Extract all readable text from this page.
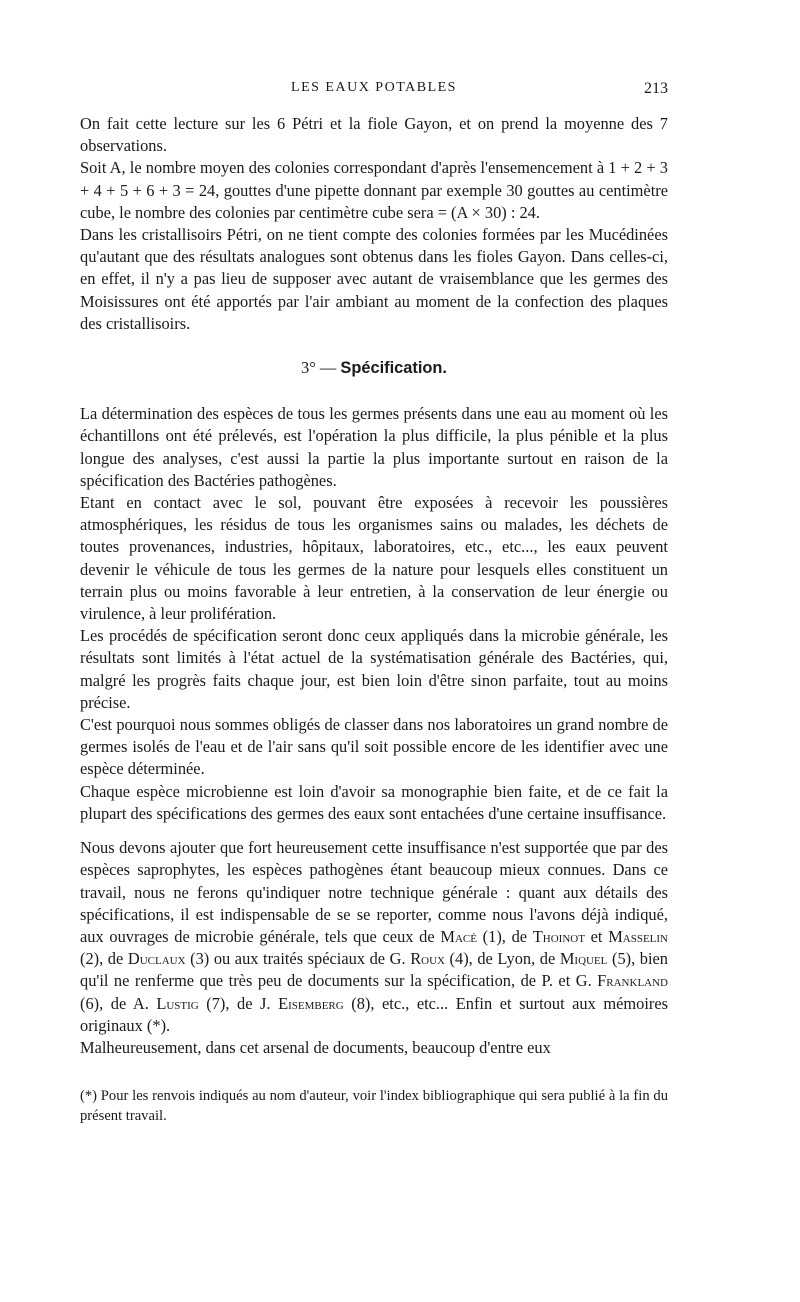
LES EAUX POTABLES	213

On fait cette lecture sur les 6 Pétri et la fiole Gayon, et on prend la moyenne des 7 observations.

Soit A, le nombre moyen des colonies correspondant d'après l'ensemencement à 1 + 2 + 3 + 4 + 5 + 6 + 3 = 24, gouttes d'une pipette donnant par exemple 30 gouttes au centimètre cube, le nombre des colonies par centimètre cube sera = (A × 30) : 24.

Dans les cristallisoirs Pétri, on ne tient compte des colonies formées par les Mucédinées qu'autant que des résultats analogues sont obtenus dans les fioles Gayon. Dans celles-ci, en effet, il n'y a pas lieu de supposer avec autant de vraisemblance que les germes des Moisissures ont été apportés par l'air ambiant au moment de la confection des plaques des cristallisoirs.

3° — Spécification.

La détermination des espèces de tous les germes présents dans une eau au moment où les échantillons ont été prélevés, est l'opération la plus difficile, la plus pénible et la plus longue des analyses, c'est aussi la partie la plus importante surtout en raison de la spécification des Bactéries pathogènes.

Etant en contact avec le sol, pouvant être exposées à recevoir les poussières atmosphériques, les résidus de tous les organismes sains ou malades, les déchets de toutes provenances, industries, hôpitaux, laboratoires, etc., etc..., les eaux peuvent devenir le véhicule de tous les germes de la nature pour lesquels elles constituent un terrain plus ou moins favorable à leur entretien, à la conservation de leur énergie ou virulence, à leur prolifération.

Les procédés de spécification seront donc ceux appliqués dans la microbie générale, les résultats sont limités à l'état actuel de la systématisation générale des Bactéries, qui, malgré les progrès faits chaque jour, est bien loin d'être sinon parfaite, tout au moins précise.

C'est pourquoi nous sommes obligés de classer dans nos laboratoires un grand nombre de germes isolés de l'eau et de l'air sans qu'il soit possible encore de les identifier avec une espèce déterminée.

Chaque espèce microbienne est loin d'avoir sa monographie bien faite, et de ce fait la plupart des spécifications des germes des eaux sont entachées d'une certaine insuffisance.

Nous devons ajouter que fort heureusement cette insuffisance n'est supportée que par des espèces saprophytes, les espèces pathogènes étant beaucoup mieux connues. Dans ce travail, nous ne ferons qu'indiquer notre technique générale : quant aux détails des spécifications, il est indispensable de se se reporter, comme nous l'avons déjà indiqué, aux ouvrages de microbie générale, tels que ceux de Macé (1), de Thoinot et Masselin (2), de Duclaux (3) ou aux traités spéciaux de G. Roux (4), de Lyon, de Miquel (5), bien qu'il ne renferme que très peu de documents sur la spécification, de P. et G. Frankland (6), de A. Lustig (7), de J. Eisemberg (8), etc., etc... Enfin et surtout aux mémoires originaux (*).

Malheureusement, dans cet arsenal de documents, beaucoup d'entre eux

(*) Pour les renvois indiqués au nom d'auteur, voir l'index bibliographique qui sera publié à la fin du présent travail.
